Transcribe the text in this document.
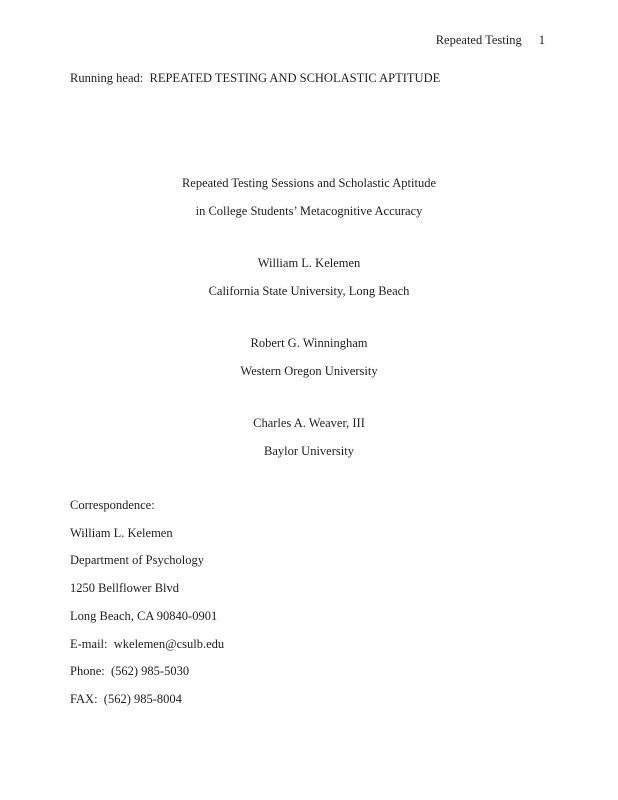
Repeated Testing 1
Running head:  REPEATED TESTING AND SCHOLASTIC APTITUDE
Repeated Testing Sessions and Scholastic Aptitude
in College Students’ Metacognitive Accuracy
William L. Kelemen
California State University, Long Beach
Robert G. Winningham
Western Oregon University
Charles A. Weaver, III
Baylor University
Correspondence:
William L. Kelemen
Department of Psychology
1250 Bellflower Blvd
Long Beach, CA 90840-0901
E-mail:  wkelemen@csulb.edu
Phone:  (562) 985-5030
FAX:  (562) 985-8004
